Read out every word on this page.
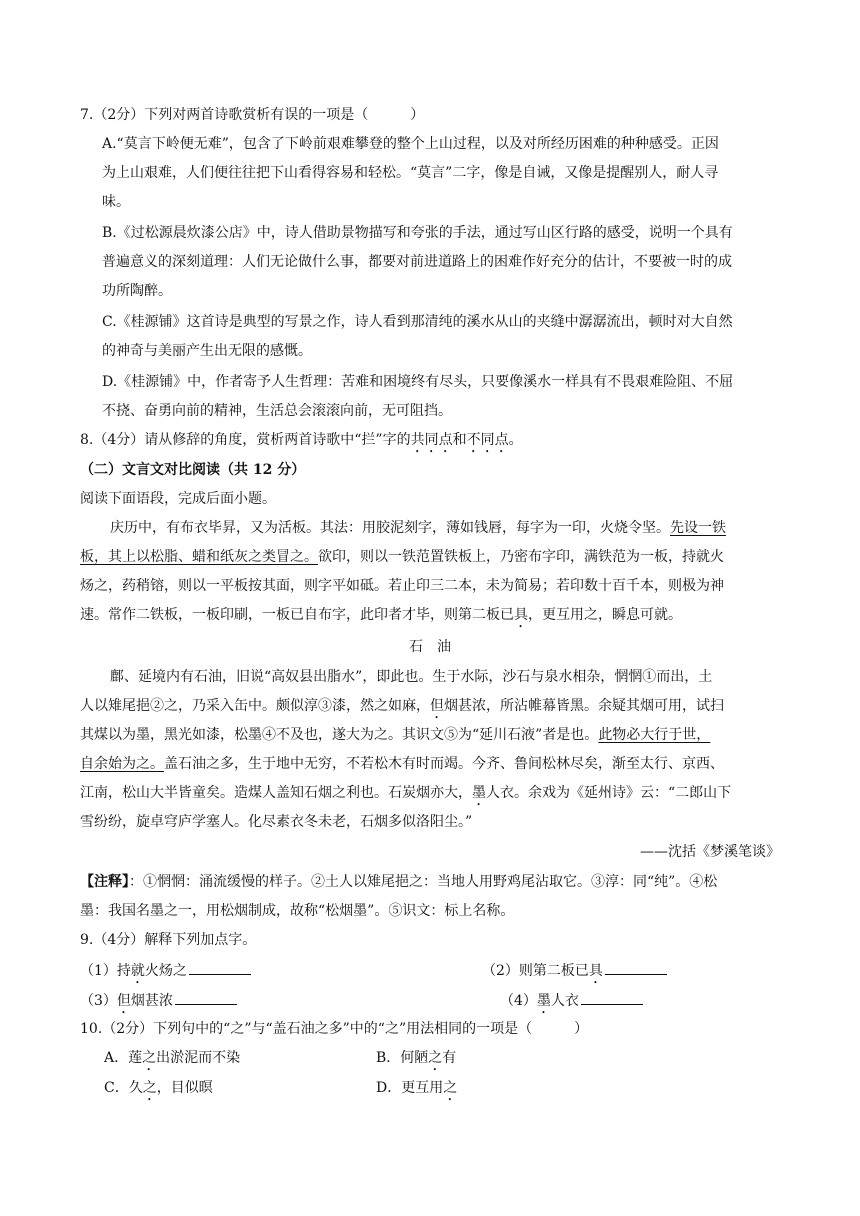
7.（2分）下列对两首诗歌赏析有误的一项是（　　　）
A.“莫言下岭便无难”，包含了下岭前艰难攀登的整个上山过程，以及对所经历困难的种种感受。正因
为上山艰难，人们便往往把下山看得容易和轻松。“莫言”二字，像是自诫，又像是提醒别人，耐人寻
味。
B.《过松源晨炊漆公店》中，诗人借助景物描写和夸张的手法，通过写山区行路的感受，说明一个具有
普遍意义的深刻道理：人们无论做什么事，都要对前进道路上的困难作好充分的估计，不要被一时的成
功所陶醉。
C.《桂源铺》这首诗是典型的写景之作，诗人看到那清纯的溪水从山的夹缝中潺潺流出，顿时对大自然
的神奇与美丽产生出无限的感慨。
D.《桂源铺》中，作者寄予人生哲理：苦难和困境终有尽头，只要像溪水一样具有不畏艰难险阻、不屈
不挠、奋勇向前的精神，生活总会滚滚向前，无可阻挡。
8.（4分）请从修辞的角度，赏析两首诗歌中“拦”字的共同点和不同点。
（二）文言文对比阅读（共 12 分）
阅读下面语段，完成后面小题。
庆历中，有布衣毕昇，又为活板。其法：用胶泥刻字，薄如钱唇，每字为一印，火烧令坚。先设一铁
板，其上以松脂、蜡和纸灰之类冒之。欲印，则以一铁范置铁板上，乃密布字印，满铁范为一板，持就火
炀之，药稍镕，则以一平板按其面，则字平如砥。若止印三二本，未为简易；若印数十百千本，则极为神
速。常作二铁板，一板印刷，一板已自布字，此印者才毕，则第二板已具，更互用之，瞬息可就。
石　油
鄜、延境内有石油，旧说“高奴县出脂水”，即此也。生于水际，沙石与泉水相杂，惘惘①而出，土
人以雉尾挹②之，乃采入缶中。颇似淳③漆，然之如麻，但烟甚浓，所沾帷幕皆黑。余疑其烟可用，试扫
其煤以为墨，黑光如漆，松墨④不及也，遂大为之。其识文⑤为“延川石液”者是也。此物必大行于世，
自余始为之。盖石油之多，生于地中无穷，不若松木有时而竭。今齐、鲁间松林尽矣，渐至太行、京西、
江南，松山大半皆童矣。造煤人盖知石烟之利也。石炭烟亦大，墨人衣。余戏为《延州诗》云：“二郎山下
雪纷纷，旋卓穹庐学塞人。化尽素衣冬未老，石烟多似洛阳尘。”
——沈括《梦溪笔谈》
【注释】：①惘惘：涌流缓慢的样子。②土人以雉尾挹之：当地人用野鸡尾沾取它。③淳：同“纯”。④松
墨：我国名墨之一，用松烟制成，故称“松烟墨”。⑤识文：标上名称。
9.（4分）解释下列加点字。
（1）持就火炀之	（2）则第二板已具
（3）但烟甚浓	（4）墨人衣
10.（2分）下列句中的“之”与“盖石油之多”中的“之”用法相同的一项是（　　　）
A．莲之出淤泥而不染	B．何陋之有
C．久之，目似暝	D．更互用之
